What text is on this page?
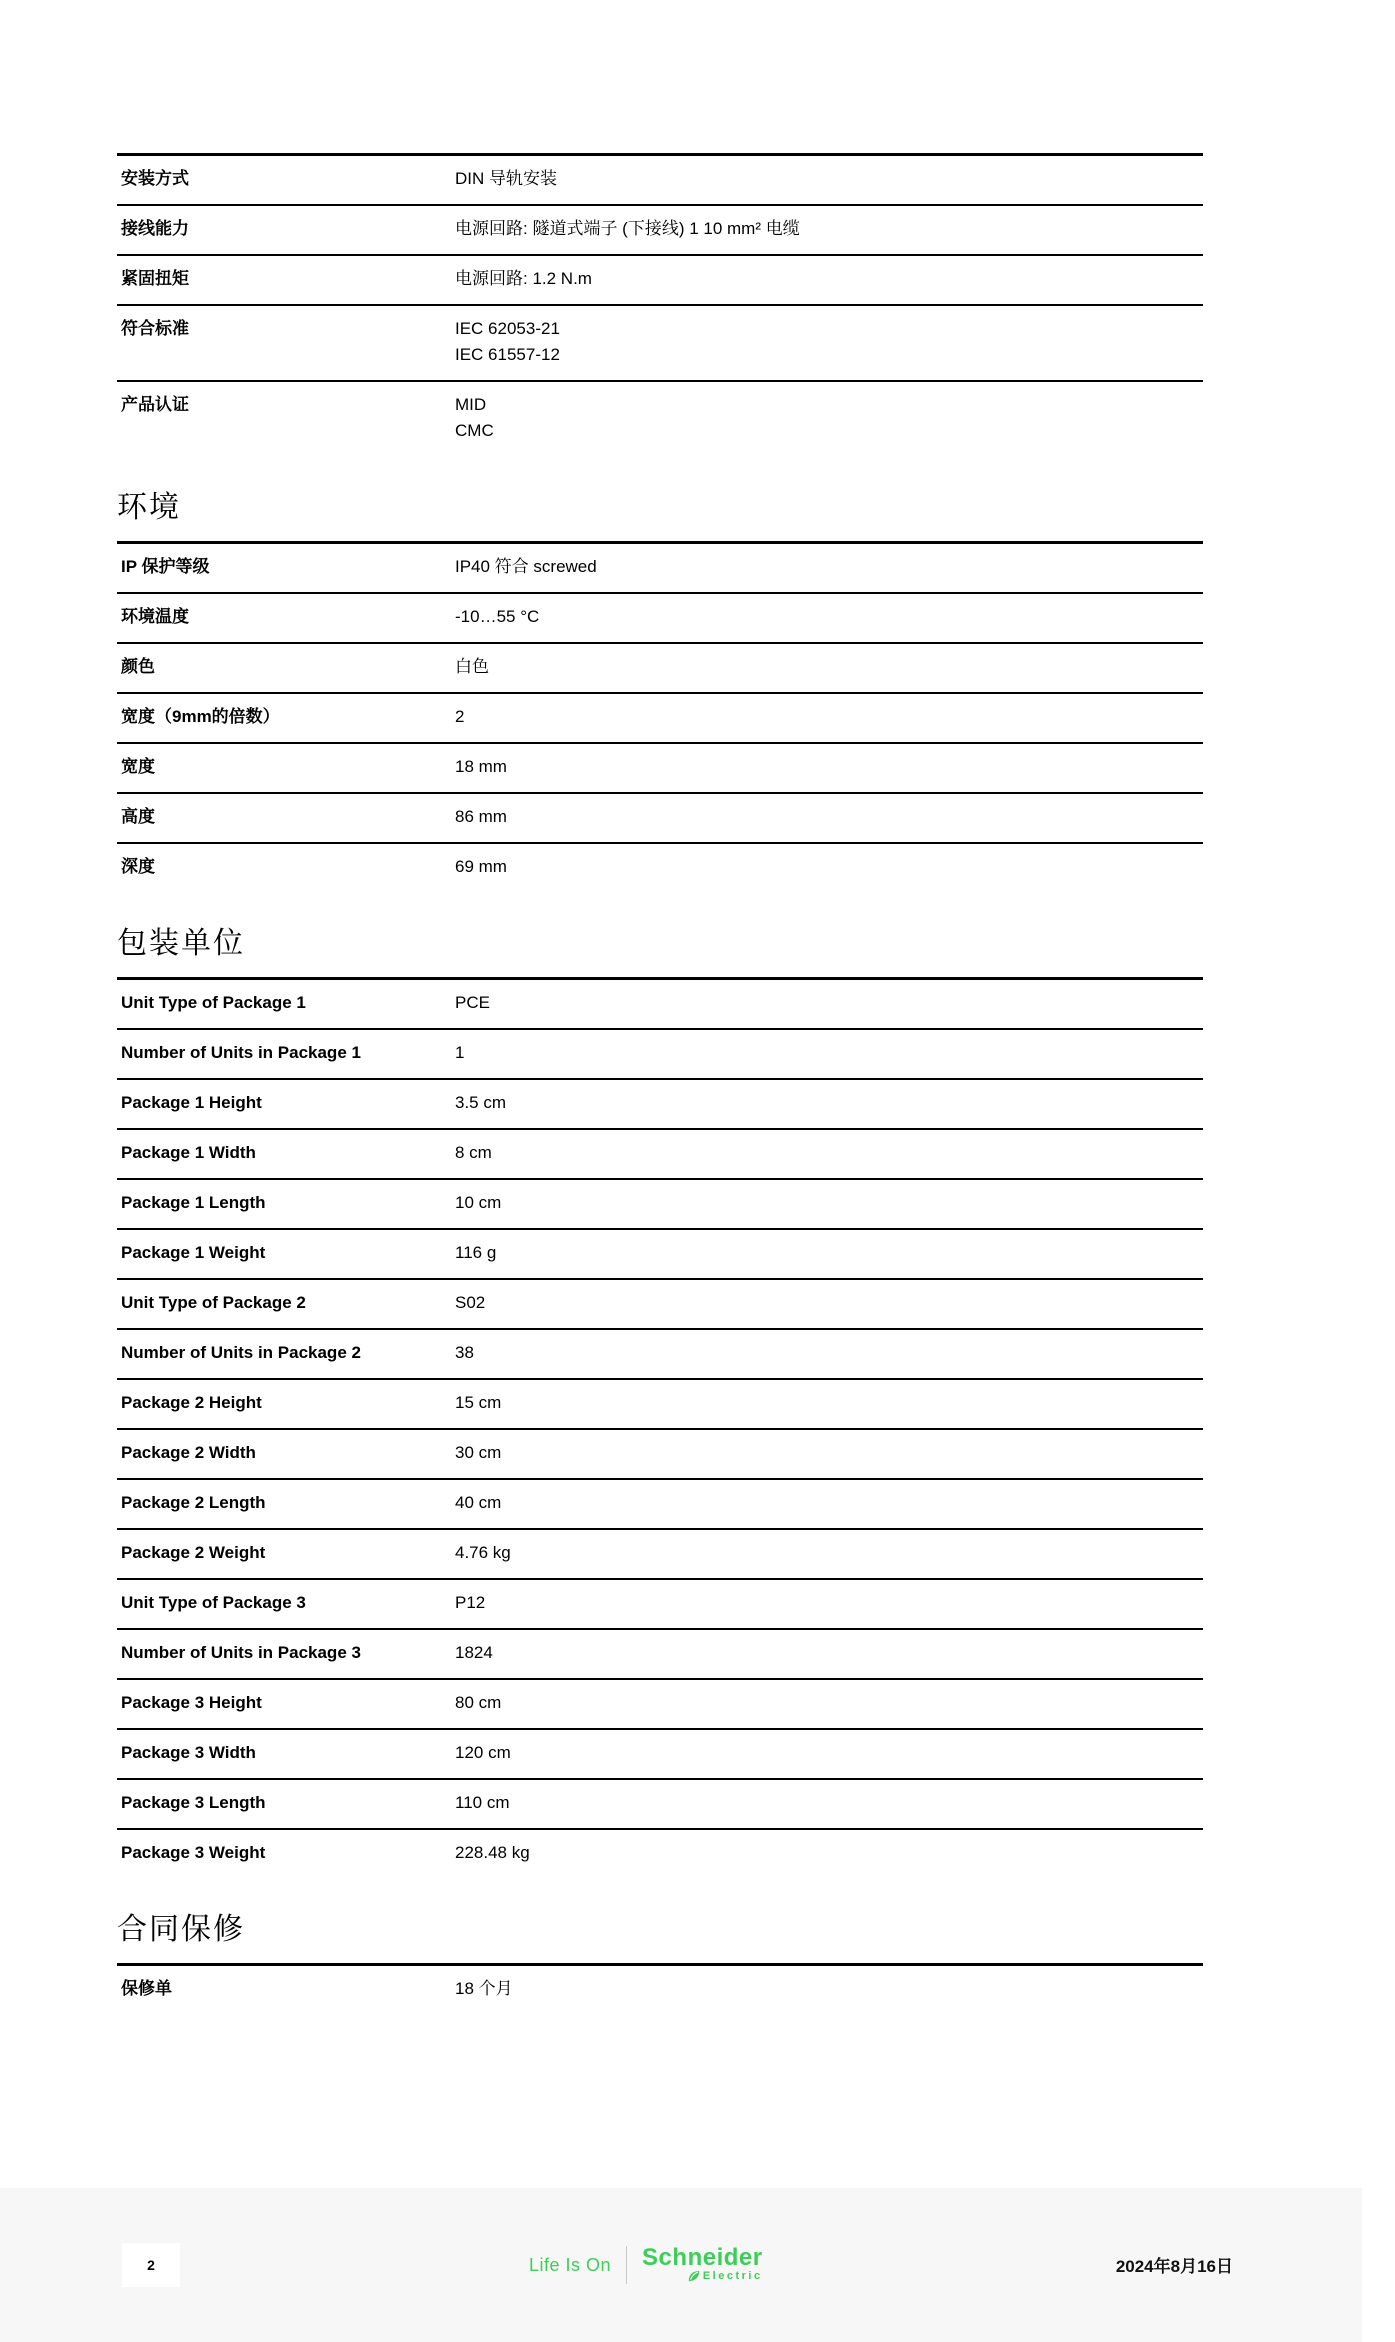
安装方式	DIN 导轨安装
接线能力	电源回路: 隧道式端子 (下接线) 1 10 mm² 电缆
紧固扭矩	电源回路: 1.2 N.m
符合标准	IEC 62053-21
IEC 61557-12
产品认证	MID
CMC
环境
IP 保护等级	IP40 符合 screwed
环境温度	-10…55 °C
颜色	白色
宽度（9mm的倍数）	2
宽度	18 mm
高度	86 mm
深度	69 mm
包装单位
Unit Type of Package 1	PCE
Number of Units in Package 1	1
Package 1 Height	3.5 cm
Package 1 Width	8 cm
Package 1 Length	10 cm
Package 1 Weight	116 g
Unit Type of Package 2	S02
Number of Units in Package 2	38
Package 2 Height	15 cm
Package 2 Width	30 cm
Package 2 Length	40 cm
Package 2 Weight	4.76 kg
Unit Type of Package 3	P12
Number of Units in Package 3	1824
Package 3 Height	80 cm
Package 3 Width	120 cm
Package 3 Length	110 cm
Package 3 Weight	228.48 kg
合同保修
保修单	18 个月
2	Life Is On Schneider
Electric	2024年8月16日
